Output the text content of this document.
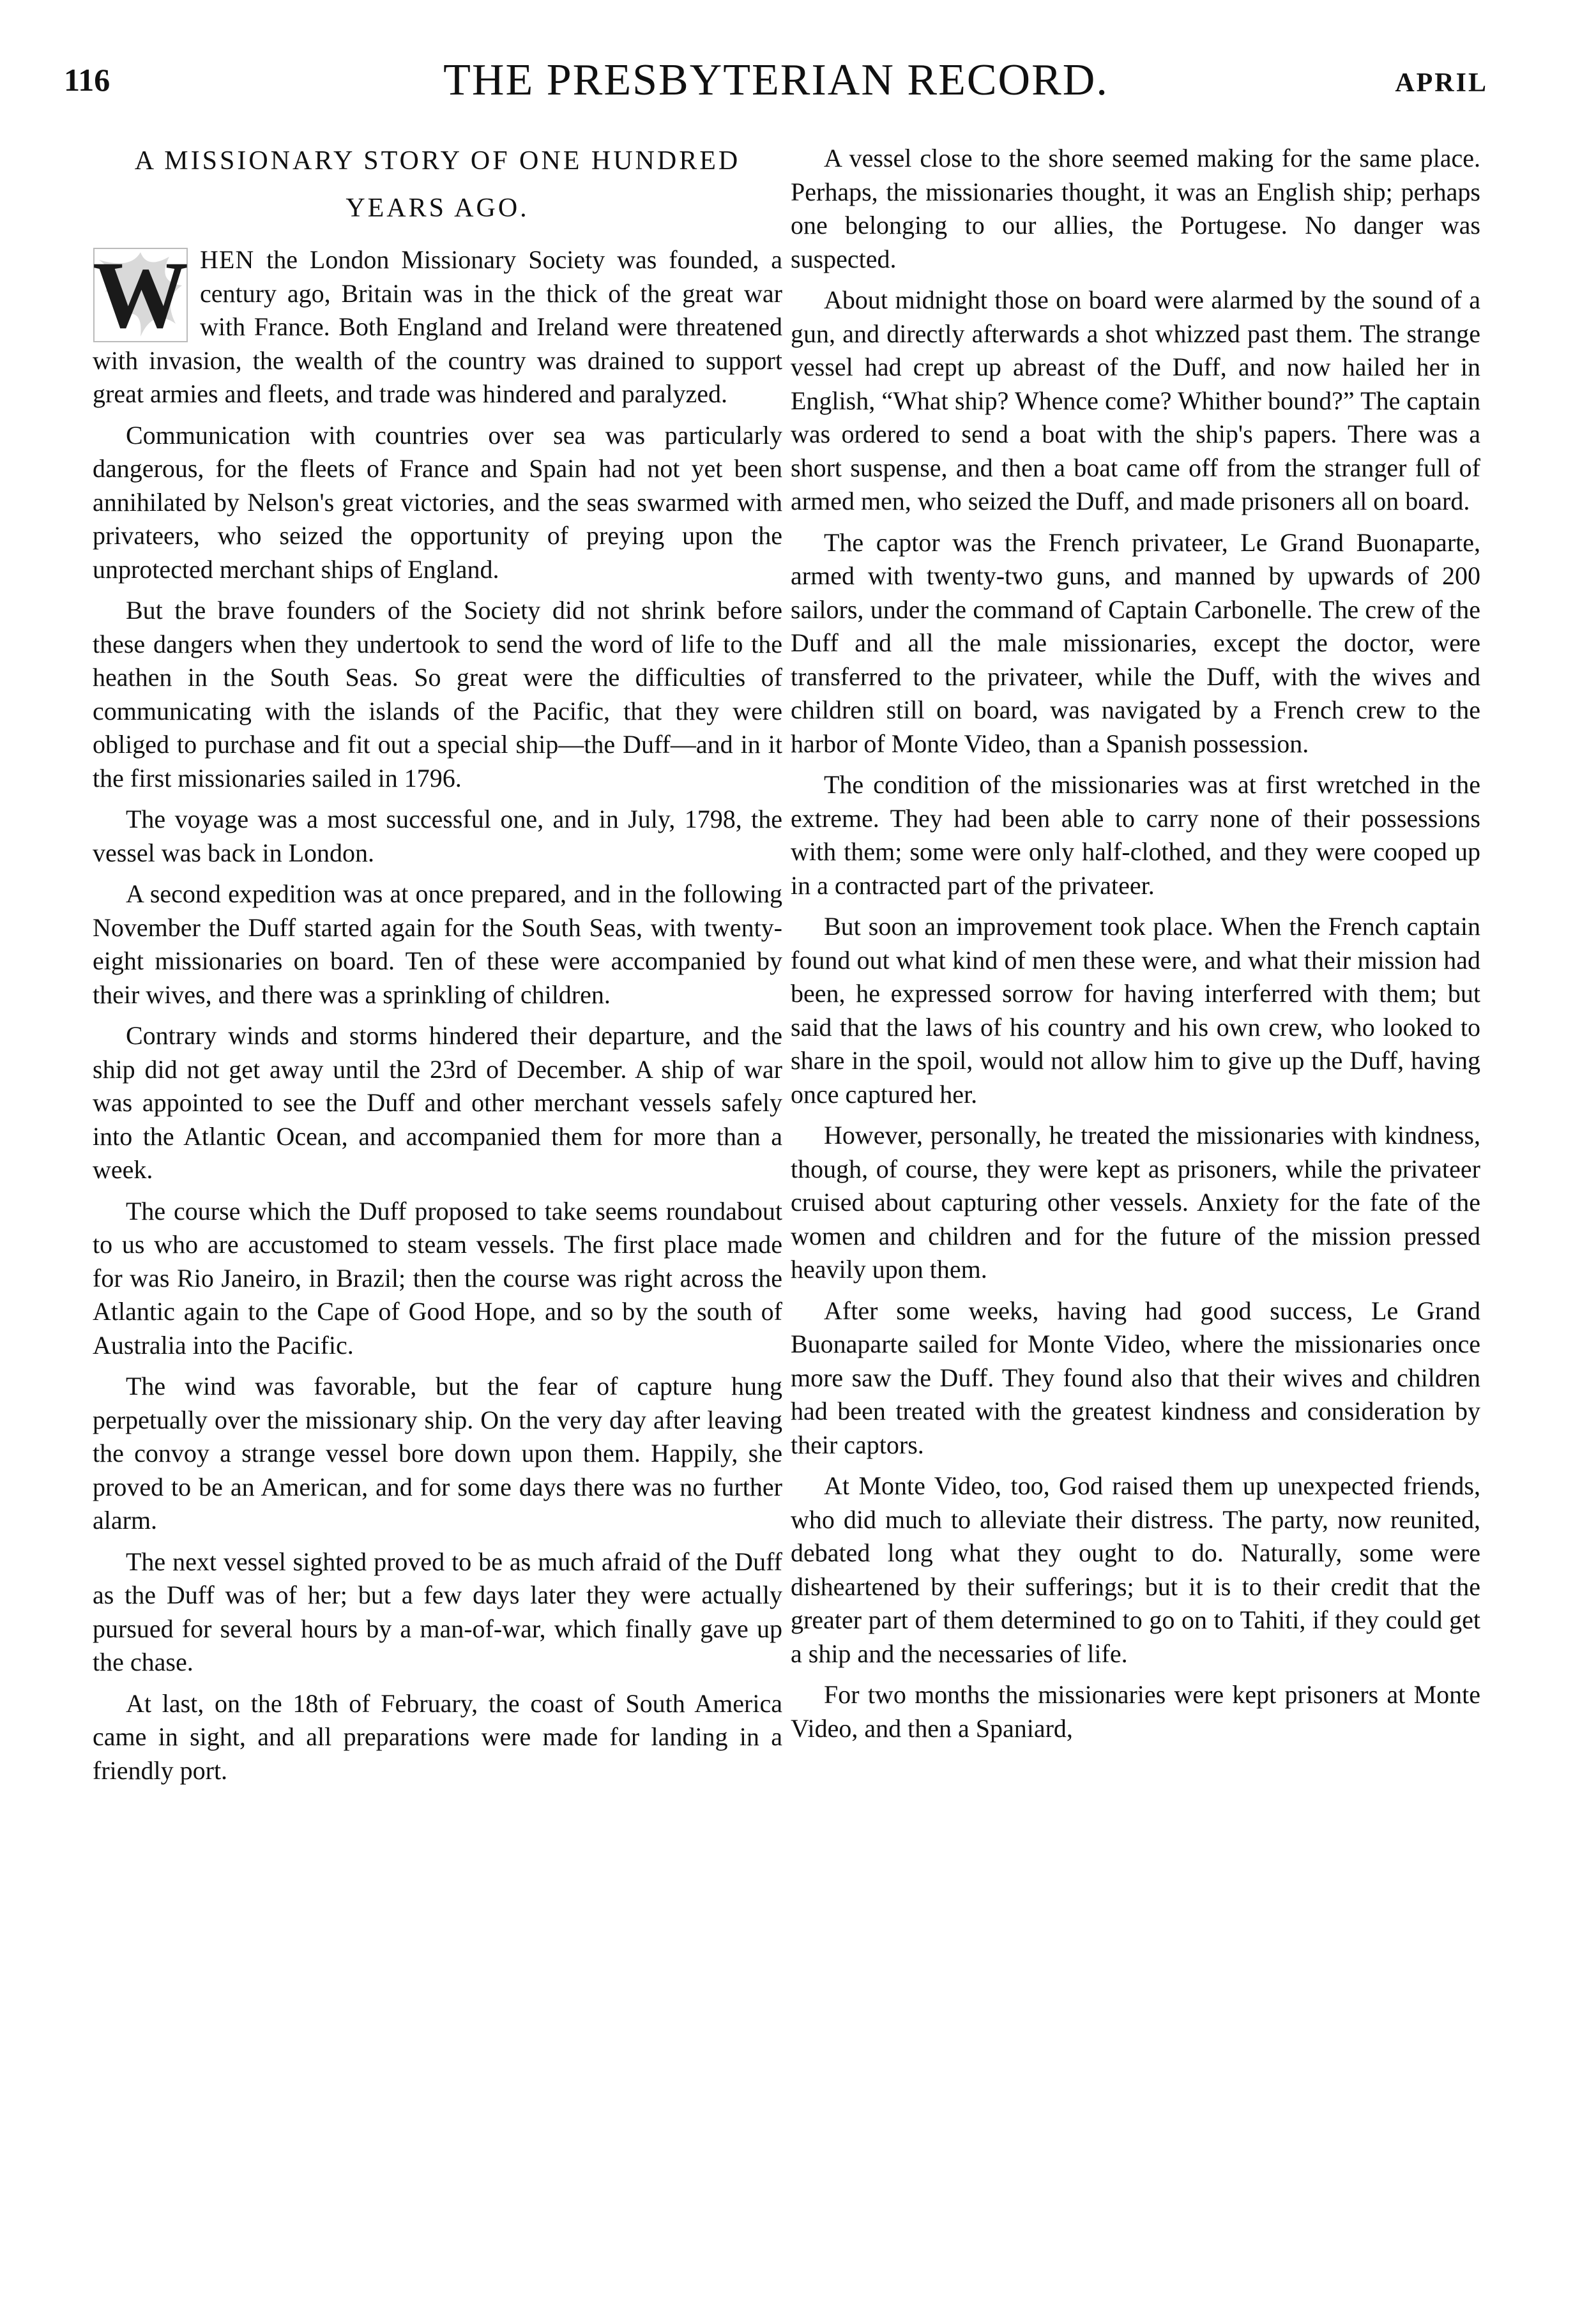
116	THE PRESBYTERIAN RECORD.	APRIL
A MISSIONARY STORY OF ONE HUNDRED YEARS AGO.

W HEN the London Missionary Society was founded, a century ago, Britain was in the thick of the great war with France. Both England and Ireland were threatened with invasion, the wealth of the country was drained to support great armies and fleets, and trade was hindered and paralyzed.

Communication with countries over sea was particularly dangerous, for the fleets of France and Spain had not yet been annihilated by Nelson's great victories, and the seas swarmed with privateers, who seized the opportunity of preying upon the unprotected merchant ships of England.

But the brave founders of the Society did not shrink before these dangers when they undertook to send the word of life to the heathen in the South Seas. So great were the difficulties of communicating with the islands of the Pacific, that they were obliged to purchase and fit out a special ship—the Duff—and in it the first missionaries sailed in 1796.

The voyage was a most successful one, and in July, 1798, the vessel was back in London.

A second expedition was at once prepared, and in the following November the Duff started again for the South Seas, with twenty-eight missionaries on board. Ten of these were accompanied by their wives, and there was a sprinkling of children.

Contrary winds and storms hindered their departure, and the ship did not get away until the 23rd of December. A ship of war was appointed to see the Duff and other merchant vessels safely into the Atlantic Ocean, and accompanied them for more than a week.

The course which the Duff proposed to take seems roundabout to us who are accustomed to steam vessels. The first place made for was Rio Janeiro, in Brazil; then the course was right across the Atlantic again to the Cape of Good Hope, and so by the south of Australia into the Pacific.

The wind was favorable, but the fear of capture hung perpetually over the missionary ship. On the very day after leaving the convoy a strange vessel bore down upon them. Happily, she proved to be an American, and for some days there was no further alarm.

The next vessel sighted proved to be as much afraid of the Duff as the Duff was of her; but a few days later they were actually pursued for several hours by a man-of-war, which finally gave up the chase.

At last, on the 18th of February, the coast of South America came in sight, and all preparations were made for landing in a friendly port.

A vessel close to the shore seemed making for the same place. Perhaps, the missionaries thought, it was an English ship; perhaps one belonging to our allies, the Portugese. No danger was suspected.

About midnight those on board were alarmed by the sound of a gun, and directly afterwards a shot whizzed past them. The strange vessel had crept up abreast of the Duff, and now hailed her in English, “What ship? Whence come? Whither bound?” The captain was ordered to send a boat with the ship's papers. There was a short suspense, and then a boat came off from the stranger full of armed men, who seized the Duff, and made prisoners all on board.

The captor was the French privateer, Le Grand Buonaparte, armed with twenty-two guns, and manned by upwards of 200 sailors, under the command of Captain Carbonelle. The crew of the Duff and all the male missionaries, except the doctor, were transferred to the privateer, while the Duff, with the wives and children still on board, was navigated by a French crew to the harbor of Monte Video, than a Spanish possession.

The condition of the missionaries was at first wretched in the extreme. They had been able to carry none of their possessions with them; some were only half-clothed, and they were cooped up in a contracted part of the privateer.

But soon an improvement took place. When the French captain found out what kind of men these were, and what their mission had been, he expressed sorrow for having interferred with them; but said that the laws of his country and his own crew, who looked to share in the spoil, would not allow him to give up the Duff, having once captured her.

However, personally, he treated the missionaries with kindness, though, of course, they were kept as prisoners, while the privateer cruised about capturing other vessels. Anxiety for the fate of the women and children and for the future of the mission pressed heavily upon them.

After some weeks, having had good success, Le Grand Buonaparte sailed for Monte Video, where the missionaries once more saw the Duff. They found also that their wives and children had been treated with the greatest kindness and consideration by their captors.

At Monte Video, too, God raised them up unexpected friends, who did much to alleviate their distress. The party, now reunited, debated long what they ought to do. Naturally, some were disheartened by their sufferings; but it is to their credit that the greater part of them determined to go on to Tahiti, if they could get a ship and the necessaries of life.

For two months the missionaries were kept prisoners at Monte Video, and then a Spaniard,
